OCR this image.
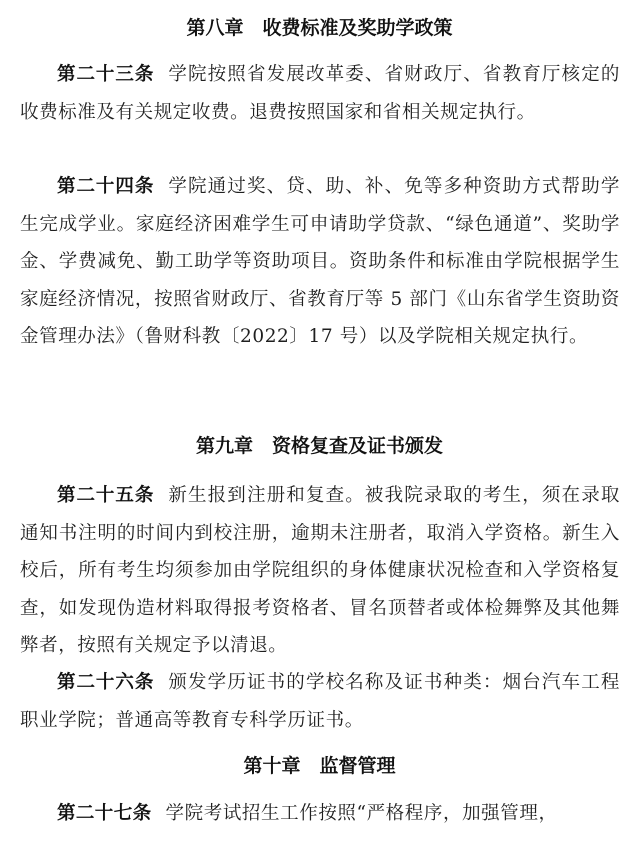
第八章　收费标准及奖助学政策
第二十三条 学院按照省发展改革委、省财政厅、省教育厅核定的收费标准及有关规定收费。退费按照国家和省相关规定执行。
第二十四条 学院通过奖、贷、助、补、免等多种资助方式帮助学生完成学业。家庭经济困难学生可申请助学贷款、“绿色通道”、奖助学金、学费减免、勤工助学等资助项目。资助条件和标准由学院根据学生家庭经济情况，按照省财政厅、省教育厅等 5 部门《山东省学生资助资金管理办法》（鲁财科教〔2022〕17 号）以及学院相关规定执行。
第九章　资格复查及证书颁发
第二十五条 新生报到注册和复查。被我院录取的考生，须在录取通知书注明的时间内到校注册，逾期未注册者，取消入学资格。新生入校后，所有考生均须参加由学院组织的身体健康状况检查和入学资格复查，如发现伪造材料取得报考资格者、冒名顶替者或体检舞弊及其他舞弊者，按照有关规定予以清退。
第二十六条 颁发学历证书的学校名称及证书种类：烟台汽车工程职业学院；普通高等教育专科学历证书。
第十章　监督管理
第二十七条 学院考试招生工作按照“严格程序，加强管理，
